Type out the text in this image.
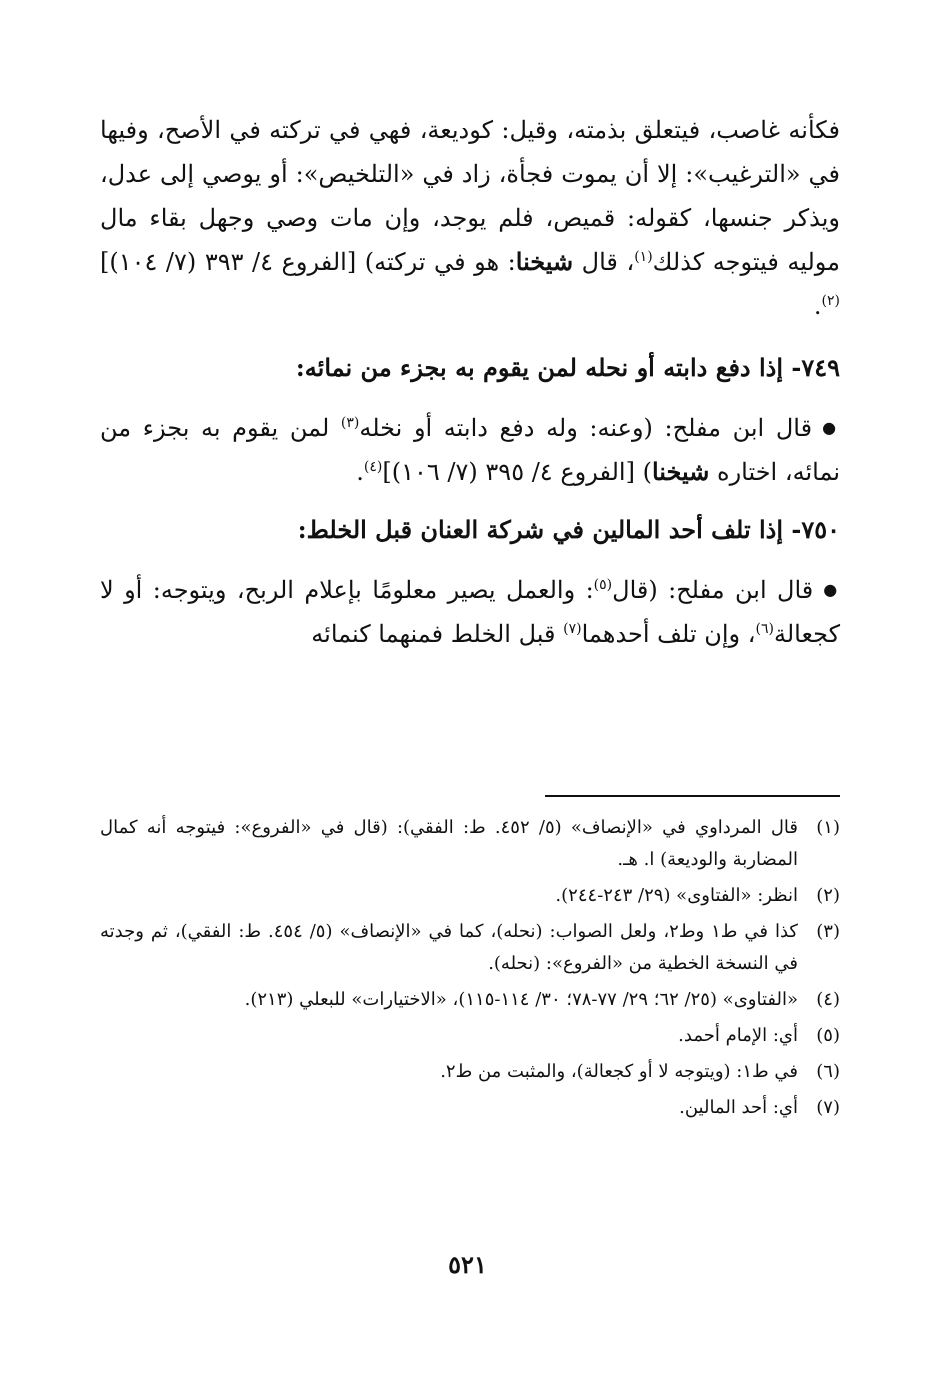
فكأنه غاصب، فيتعلق بذمته، وقيل: كوديعة، فهي في تركته في الأصح، وفيها في «الترغيب»: إلا أن يموت فجأة، زاد في «التلخيص»: أو يوصي إلى عدل، ويذكر جنسها، كقوله: قميص، فلم يوجد، وإن مات وصي وجهل بقاء مال موليه فيتوجه كذلك$^{(١)}$، قال شيخنا: هو في تركته) [الفروع ٤/ ٣٩٣ (٧/ ١٠٤)]$^{(٢)}$.

٧٤٩- إذا دفع دابته أو نحله لمن يقوم به بجزء من نمائه:

● قال ابن مفلح: (وعنه: وله دفع دابته أو نخله$^{(٣)}$ لمن يقوم به بجزء من نمائه، اختاره شيخنا) [الفروع ٤/ ٣٩٥ (٧/ ١٠٦)]$^{(٤)}$.

٧٥٠- إذا تلف أحد المالين في شركة العنان قبل الخلط:

● قال ابن مفلح: (قال$^{(٥)}$: والعمل يصير معلومًا بإعلام الربح، ويتوجه: أو لا كجعالة$^{(٦)}$، وإن تلف أحدهما$^{(٧)}$ قبل الخلط فمنهما كنمائه

(١)
قال المرداوي في «الإنصاف» (٥/ ٤٥٢. ط: الفقي): (قال في «الفروع»: فيتوجه أنه كمال المضاربة والوديعة) ا. هـ.
(٢)
انظر: «الفتاوى» (٢٩/ ٢٤٣-٢٤٤).
(٣)
كذا في ط١ وط٢، ولعل الصواب: (نحله)، كما في «الإنصاف» (٥/ ٤٥٤. ط: الفقي)، ثم وجدته في النسخة الخطية من «الفروع»: (نحله).
(٤)
«الفتاوى» (٢٥/ ٦٢؛ ٢٩/ ٧٧-٧٨؛ ٣٠/ ١١٤-١١٥)، «الاختيارات» للبعلي (٢١٣).
(٥)
أي: الإمام أحمد.
(٦)
في ط١: (ويتوجه لا أو كجعالة)، والمثبت من ط٢.
(٧)
أي: أحد المالين.
٥٢١
